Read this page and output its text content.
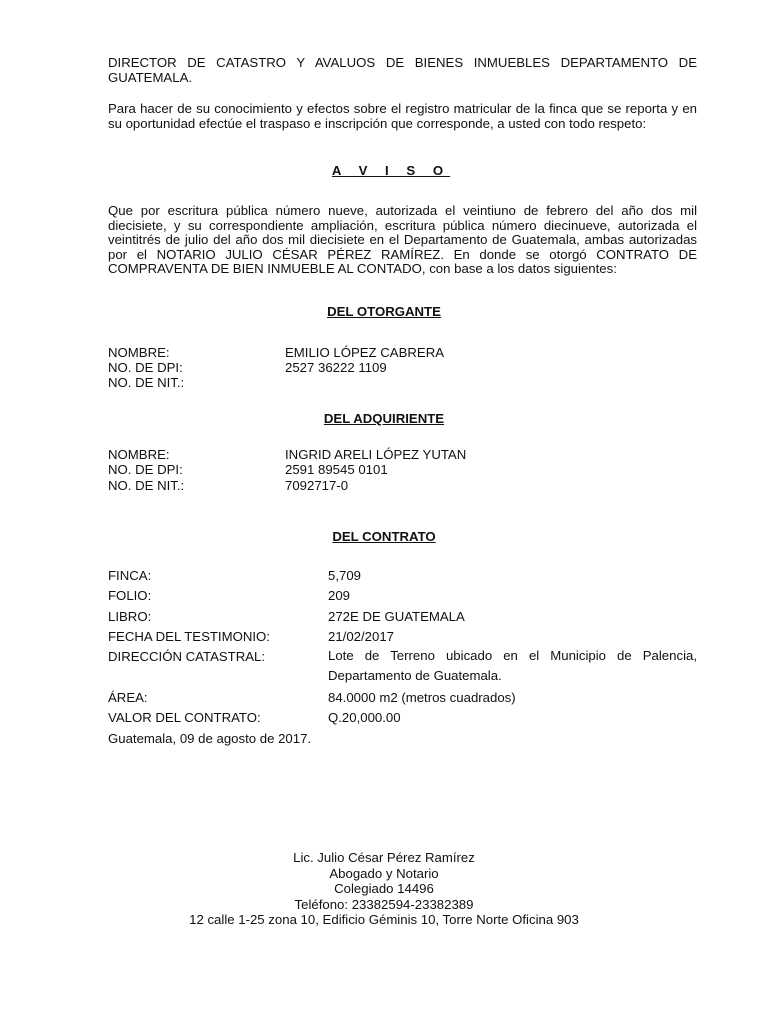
DIRECTOR DE CATASTRO Y AVALUOS DE BIENES INMUEBLES DEPARTAMENTO DE GUATEMALA.
Para hacer de su conocimiento y efectos sobre el registro matricular de la finca que se reporta y en su oportunidad efectúe el traspaso e inscripción que corresponde, a usted con todo respeto:
A V I S O
Que por escritura pública número nueve, autorizada el veintiuno de febrero del año dos mil diecisiete, y su correspondiente ampliación, escritura pública número diecinueve, autorizada el veintitrés de julio del año dos mil diecisiete en el Departamento de Guatemala, ambas autorizadas por el NOTARIO JULIO CÉSAR PÉREZ RAMÍREZ. En donde se otorgó CONTRATO DE COMPRAVENTA DE BIEN INMUEBLE AL CONTADO, con base a los datos siguientes:
DEL OTORGANTE
NOMBRE:	EMILIO LÓPEZ CABRERA
NO. DE DPI:	2527 36222 1109
NO. DE NIT.:
DEL ADQUIRIENTE
NOMBRE:	INGRID ARELI LÓPEZ YUTAN
NO. DE DPI:	2591 89545 0101
NO. DE NIT.:	7092717-0
DEL CONTRATO
FINCA:	5,709
FOLIO:	209
LIBRO:	272E DE GUATEMALA
FECHA DEL TESTIMONIO:	21/02/2017
DIRECCIÓN CATASTRAL:	Lote de Terreno ubicado en el Municipio de Palencia, Departamento de Guatemala.
ÁREA:	84.0000 m2 (metros cuadrados)
VALOR DEL CONTRATO:	Q.20,000.00
Guatemala, 09 de agosto de 2017.
Lic. Julio César Pérez Ramírez
Abogado y Notario
Colegiado 14496
Teléfono: 23382594-23382389
12 calle 1-25 zona 10, Edificio Géminis 10, Torre Norte Oficina 903
